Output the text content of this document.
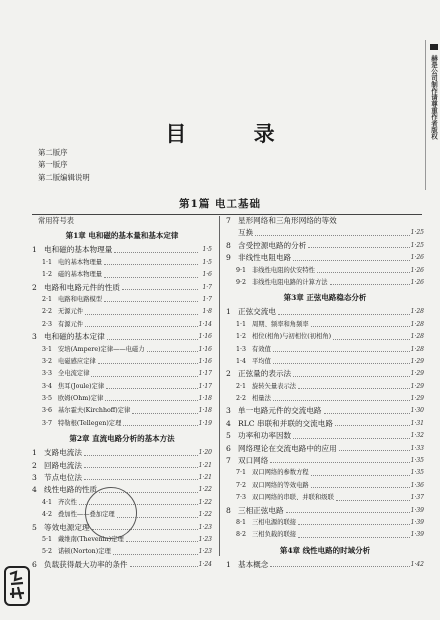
赫是公司制作请尊重作者版权
目 录
第二版序
第一版序
第二版编辑说明
第1篇 电工基础
常用符号表
第1章 电和磁的基本量和基本定律
1 电和磁的基本物理量	1·5
1·1 电的基本物理量	1·5
1·2 磁的基本物理量	1·6
2 电路和电路元件的性质	1·7
2·1 电路和电路模型	1·7
2·2 无源元件	1·8
2·3 有源元件	1·14
3 电和磁的基本定律	1·16
3·1 安培(Ampere)定律——电磁力	1·16
3·2 电磁感应定律	1·16
3·3 全电流定律	1·17
3·4 焦耳(Joule)定律	1·17
3·5 欧姆(Ohm)定律	1·18
3·6 基尔霍夫(Kirchhoff)定律	1·18
3·7 特勒根(Tellegen)定理	1·19
第2章 直流电路分析的基本方法
1 支路电流法	1·20
2 回路电流法	1·21
3 节点电位法	1·21
4 线性电路的性质	1·22
4·1 齐次性	1·22
4·2 叠加性——叠加定理	1·22
5 等效电源定理	1·23
5·1 戴维南(Thevenin)定理	1·23
5·2 诺顿(Norton)定理	1·23
6 负载获得最大功率的条件	1·24
7 星形网络和三角形网络的等效
互换	1·25
8 含受控源电路的分析	1·25
9 非线性电阻电路	1·26
9·1 非线性电阻的伏安特性	1·26
9·2 非线性电阻电路的计算方法	1·26
第3章 正弦电路稳态分析
1 正弦交流电	1·28
1·1 周期、频率和角频率	1·28
1·2 相位(相角)与初相位(初相角)	1·28
1·3 有效值	1·28
1·4 平均值	1·29
2 正弦量的表示法	1·29
2·1 旋转矢量表示法	1·29
2·2 相量法	1·29
3 单一电路元件的交流电路	1·30
4 RLC 串联和并联的交流电路	1·31
5 功率和功率因数	1·32
6 网络理论在交流电路中的应用	1·33
7 双口网络	1·35
7·1 双口网络的参数方程	1·35
7·2 双口网络的等效电路	1·36
7·3 双口网络的串联、并联和级联	1·37
8 三相正弦电路	1·39
8·1 三相电源的联接	1·39
8·2 三相负载的联接	1·39
第4章 线性电路的时域分析
1 基本概念	1·42
